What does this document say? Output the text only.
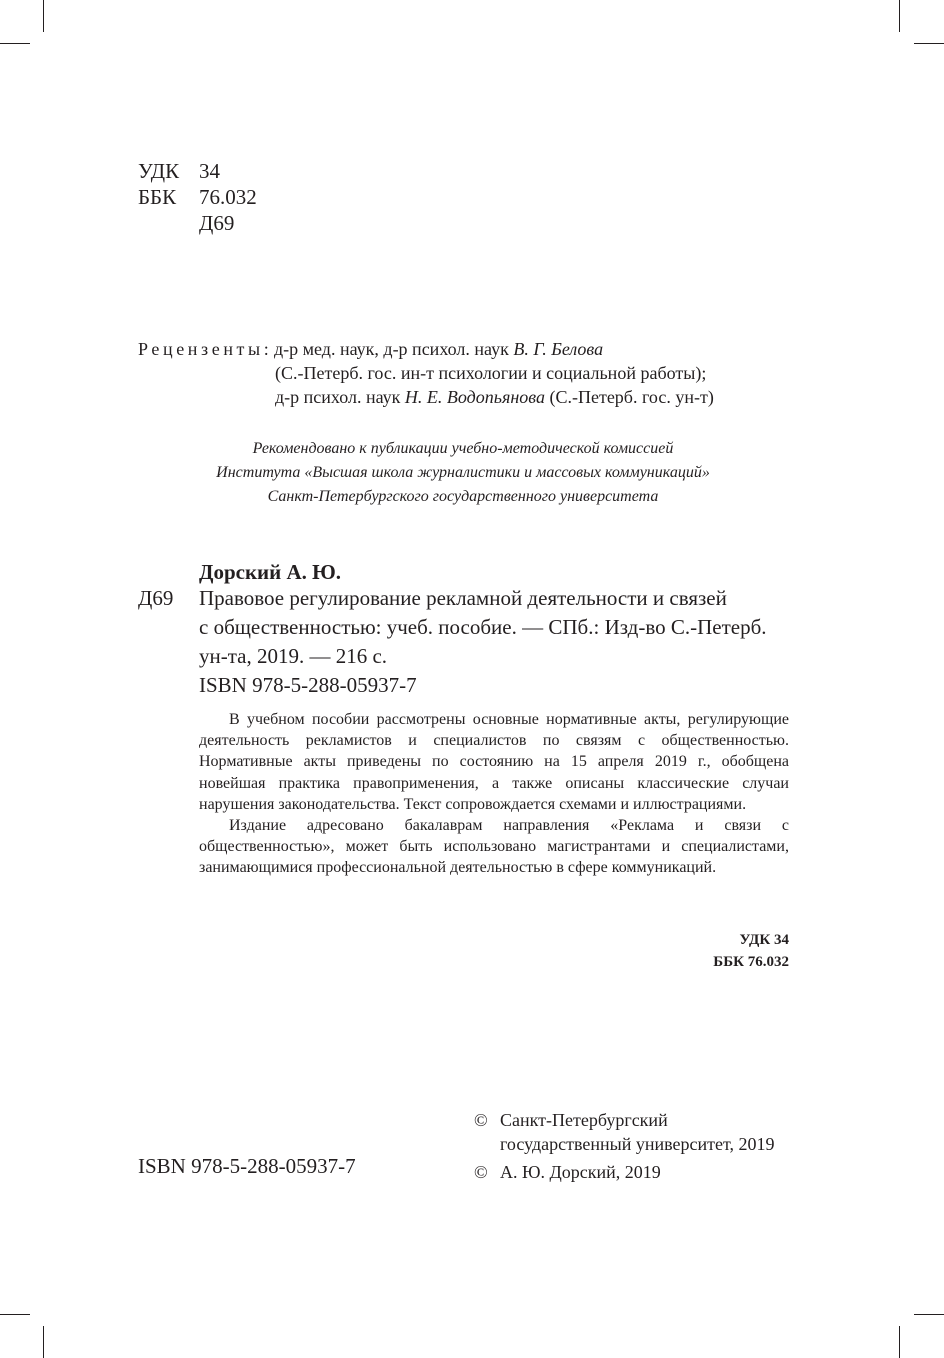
УДК 34
ББК	76.032
Д69
Рецензенты: д-р мед. наук, д-р психол. наук В. Г. Белова
(С.-Петерб. гос. ин-т психологии и социальной работы);
д-р психол. наук Н. Е. Водопьянова (С.-Петерб. гос. ун-т)
Рекомендовано к публикации учебно-методической комиссией
Института «Высшая школа журналистики и массовых коммуникаций»
Санкт-Петербургского государственного университета
Дорский А. Ю.
Д69 Правовое регулирование рекламной деятельности и связей

с общественностью: учеб. пособие. — СПб.: Изд-во С.-Петерб.

ун-та, 2019. — 216 с.

ISBN 978-5-288-05937-7

В учебном пособии рассмотрены основные нормативные акты, регулирующие деятельность рекламистов и специалистов по связям с общественностью. Нормативные акты приведены по состоянию на 15 апреля 2019 г., обобщена новейшая практика правоприменения, а также описаны классические случаи нарушения законодательства. Текст сопровождается схемами и иллюстрациями.

Издание адресовано бакалаврам направления «Реклама и связи с общественностью», может быть использовано магистрантами и специалистами, занимающимися профессиональной деятельностью в сфере коммуникаций.

УДК 34
ББК 76.032
ISBN 978-5-288-05937-7
© Санкт-Петербургский
государственный университет, 2019
© А. Ю. Дорский, 2019
